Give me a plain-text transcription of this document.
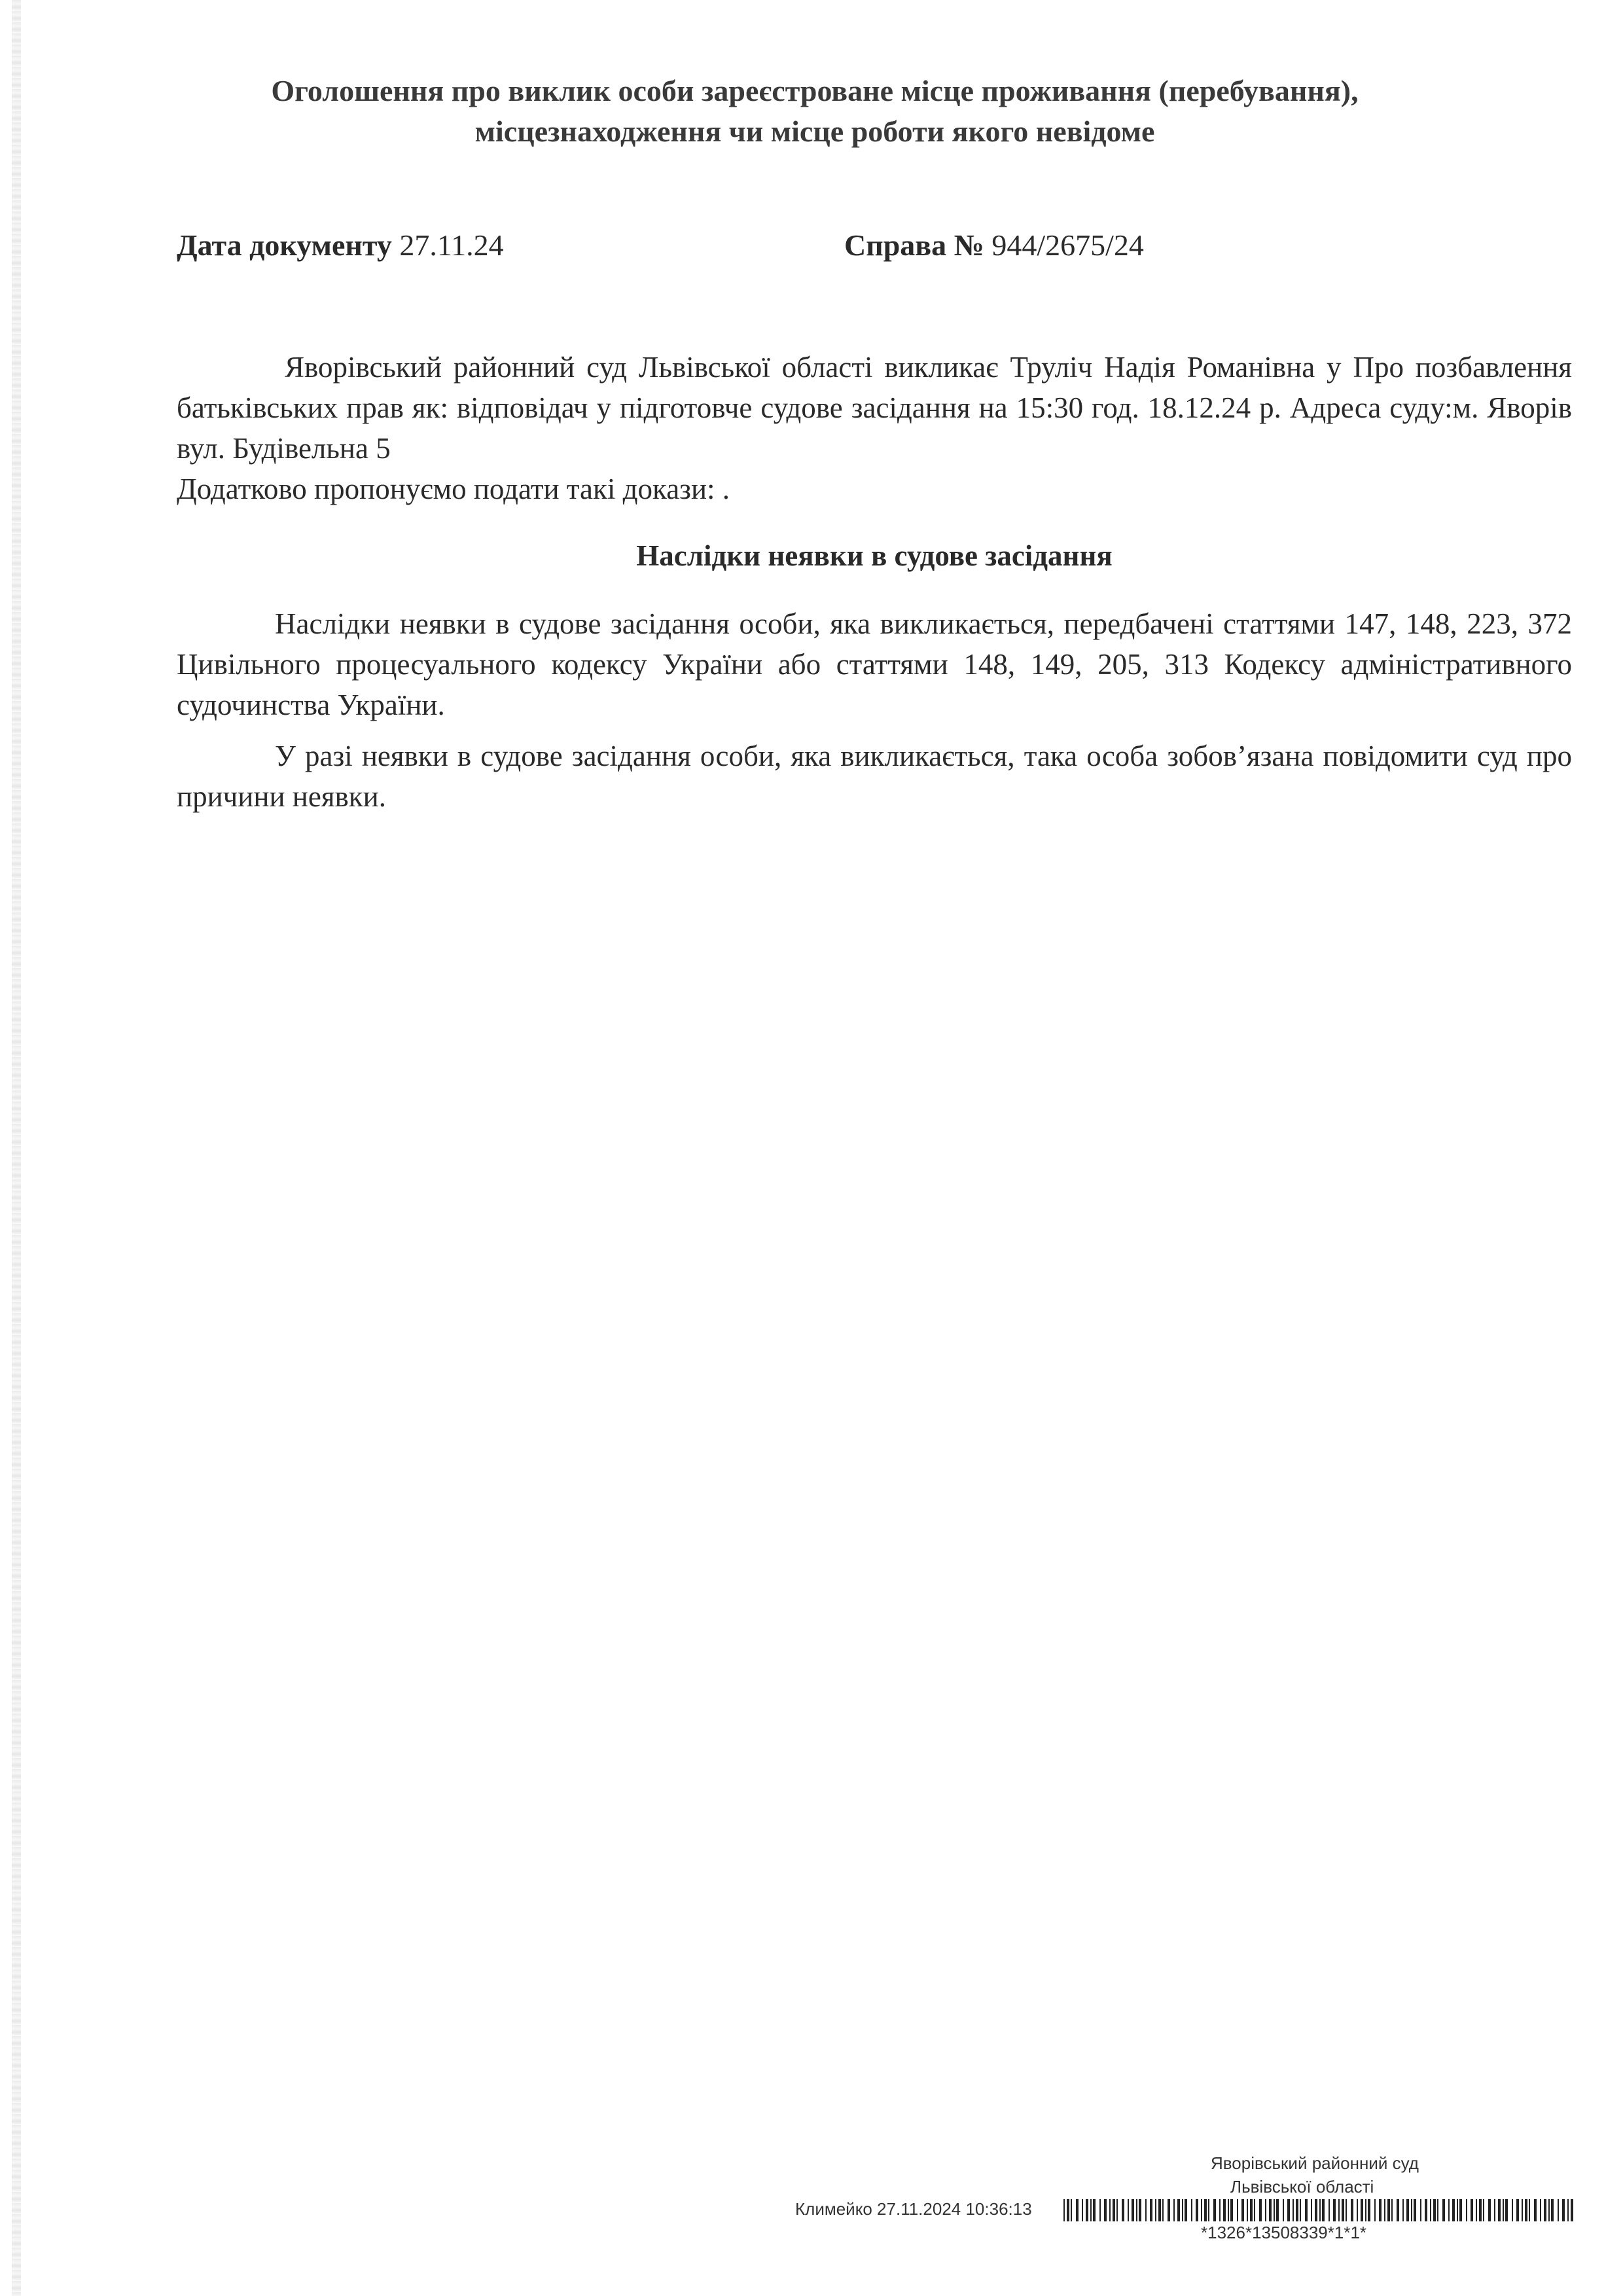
Оголошення про виклик особи зареєстроване місце проживання (перебування),
місцезнаходження чи місце роботи якого невідоме
Дата документу 27.11.24	Справа № 944/2675/24

Яворівський районний суд Львівської області викликає Труліч Надія Романівна у Про позбавлення батьківських прав як: відповідач у підготовче судове засідання на 15:30 год. 18.12.24 р. Адреса суду:м. Яворів вул. Будівельна 5

Додатково пропонуємо подати такі докази: .

Наслідки неявки в судове засідання

Наслідки неявки в судове засідання особи, яка викликається, передбачені статтями 147, 148, 223, 372 Цивільного процесуального кодексу України або статтями 148, 149, 205, 313 Кодексу адміністративного судочинства України.

У разі неявки в судове засідання особи, яка викликається, така особа зобов’язана повідомити суд про причини неявки.

Яворівський районний суд
Львівської області
Климейко 27.11.2024 10:36:13
*1326*13508339*1*1*
